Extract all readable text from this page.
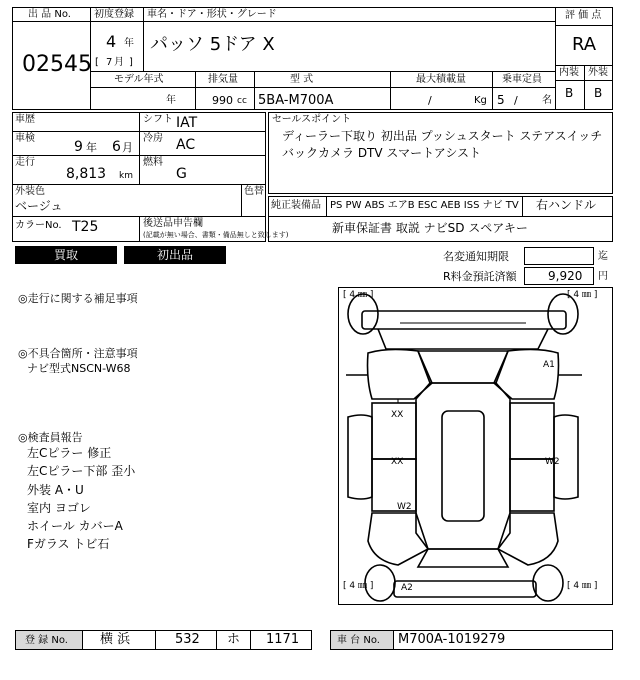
出 品 No.
02545
初度登録
4 年
[ 7 月 ]
車名・ドア・形状・グレード
パッソ 5ドア X
評 価 点
RA
内装 外装
B B
モデル年式
年
排気量
990 cc
型 式
5BA-M700A
最大積載量
/	Kg
乗車定員
5 / 名
車歴
車検
9 年 6 月
走行
8,813 km
シフト IAT
冷房 AC
燃料
G
外装色
ベージュ
色替
カラーNo. T25	後送品申告欄
(記載が無い場合、書類・備品無しと致します)
セールスポイント
ディーラー下取り 初出品 プッシュスタート ステアスイッチ
バックカメラ DTV スマートアシスト
純正装備品 PS PW ABS エアB ESC AEB ISS ナビ TV 右ハンドル
新車保証書 取説 ナビSD スペアキー
買取	初出品	名変通知期限	迄
R料金預託済額	9,920 円
◎走行に関する補足事項
◎不具合箇所・注意事項
ナビ型式NSCN-W68
◎検査員報告
左Cピラー 修正
左Cピラー下部 歪小
外装 A・U
室内 ヨゴレ
ホイール カバーA
Fガラス トビ石
[ 4 ㎜ ]	[ 4 ㎜ ]
[ 4 ㎜ ]	[ 4 ㎜ ]
A1
XX
XX	W2
W2
A2
登 録 No. 横 浜	532 ホ 1171	車 台 No. M700A-1019279
